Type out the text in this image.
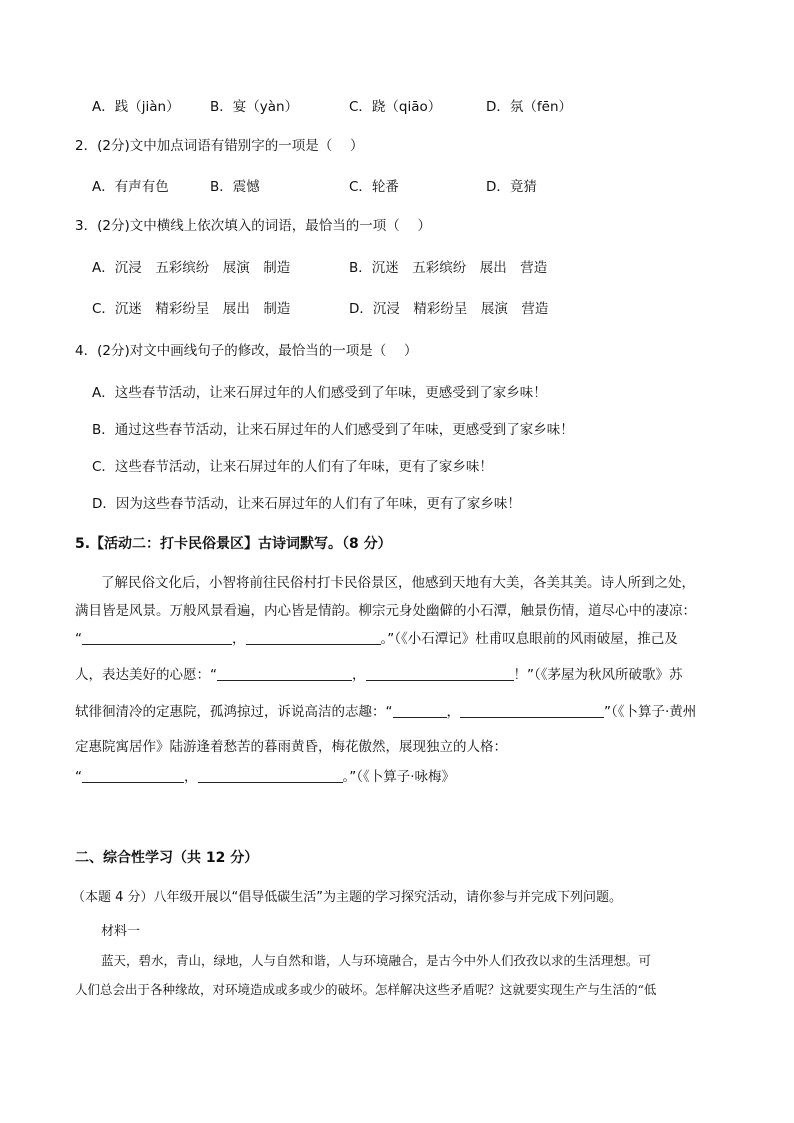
A．践（jiàn） B．宴（yàn）	C．跷（qiāo）	D．氛（fēn）
2．(2分)文中加点词语有错别字的一项是（　 ）
A．有声有色	B．震憾	C．轮番	D．竟猜
3．(2分)文中横线上依次填入的词语，最恰当的一项（　 ）
A．沉浸　五彩缤纷　展演　制造	B．沉迷　五彩缤纷　展出　营造
C．沉迷　精彩纷呈　展出　制造	D．沉浸　精彩纷呈　展演　营造
4．(2分)对文中画线句子的修改，最恰当的一项是（　 ）
A．这些春节活动，让来石屏过年的人们感受到了年味，更感受到了家乡味！
B．通过这些春节活动，让来石屏过年的人们感受到了年味，更感受到了家乡味！
C．这些春节活动，让来石屏过年的人们有了年味，更有了家乡味！
D．因为这些春节活动，让来石屏过年的人们有了年味，更有了家乡味！
5.【活动二：打卡民俗景区】古诗词默写。（8 分）
了解民俗文化后，小智将前往民俗村打卡民俗景区，他感到天地有大美，各美其美。诗人所到之处，
满目皆是风景。万般风景看遍，内心皆是情韵。柳宗元身处幽僻的小石潭，触景伤情，道尽心中的凄凉：
“	，	。”（《小石潭记》杜甫叹息眼前的风雨破屋，推己及
人，表达美好的心愿：“	，	！”（《茅屋为秋风所破歌》苏
轼徘徊清冷的定惠院，孤鸿掠过，诉说高洁的志趣：“	，	”（《卜算子·黄州
定惠院寓居作》陆游逢着愁苦的暮雨黄昏，梅花傲然，展现独立的人格：
“	，	。”（《卜算子·咏梅》
二、综合性学习（共 12 分）
（本题 4 分）八年级开展以“倡导低碳生活”为主题的学习探究活动，请你参与并完成下列问题。
材料一
蓝天，碧水，青山，绿地，人与自然和谐，人与环境融合，是古今中外人们孜孜以求的生活理想。可
人们总会出于各种缘故，对环境造成或多或少的破坏。怎样解决这些矛盾呢？这就要实现生产与生活的“低
